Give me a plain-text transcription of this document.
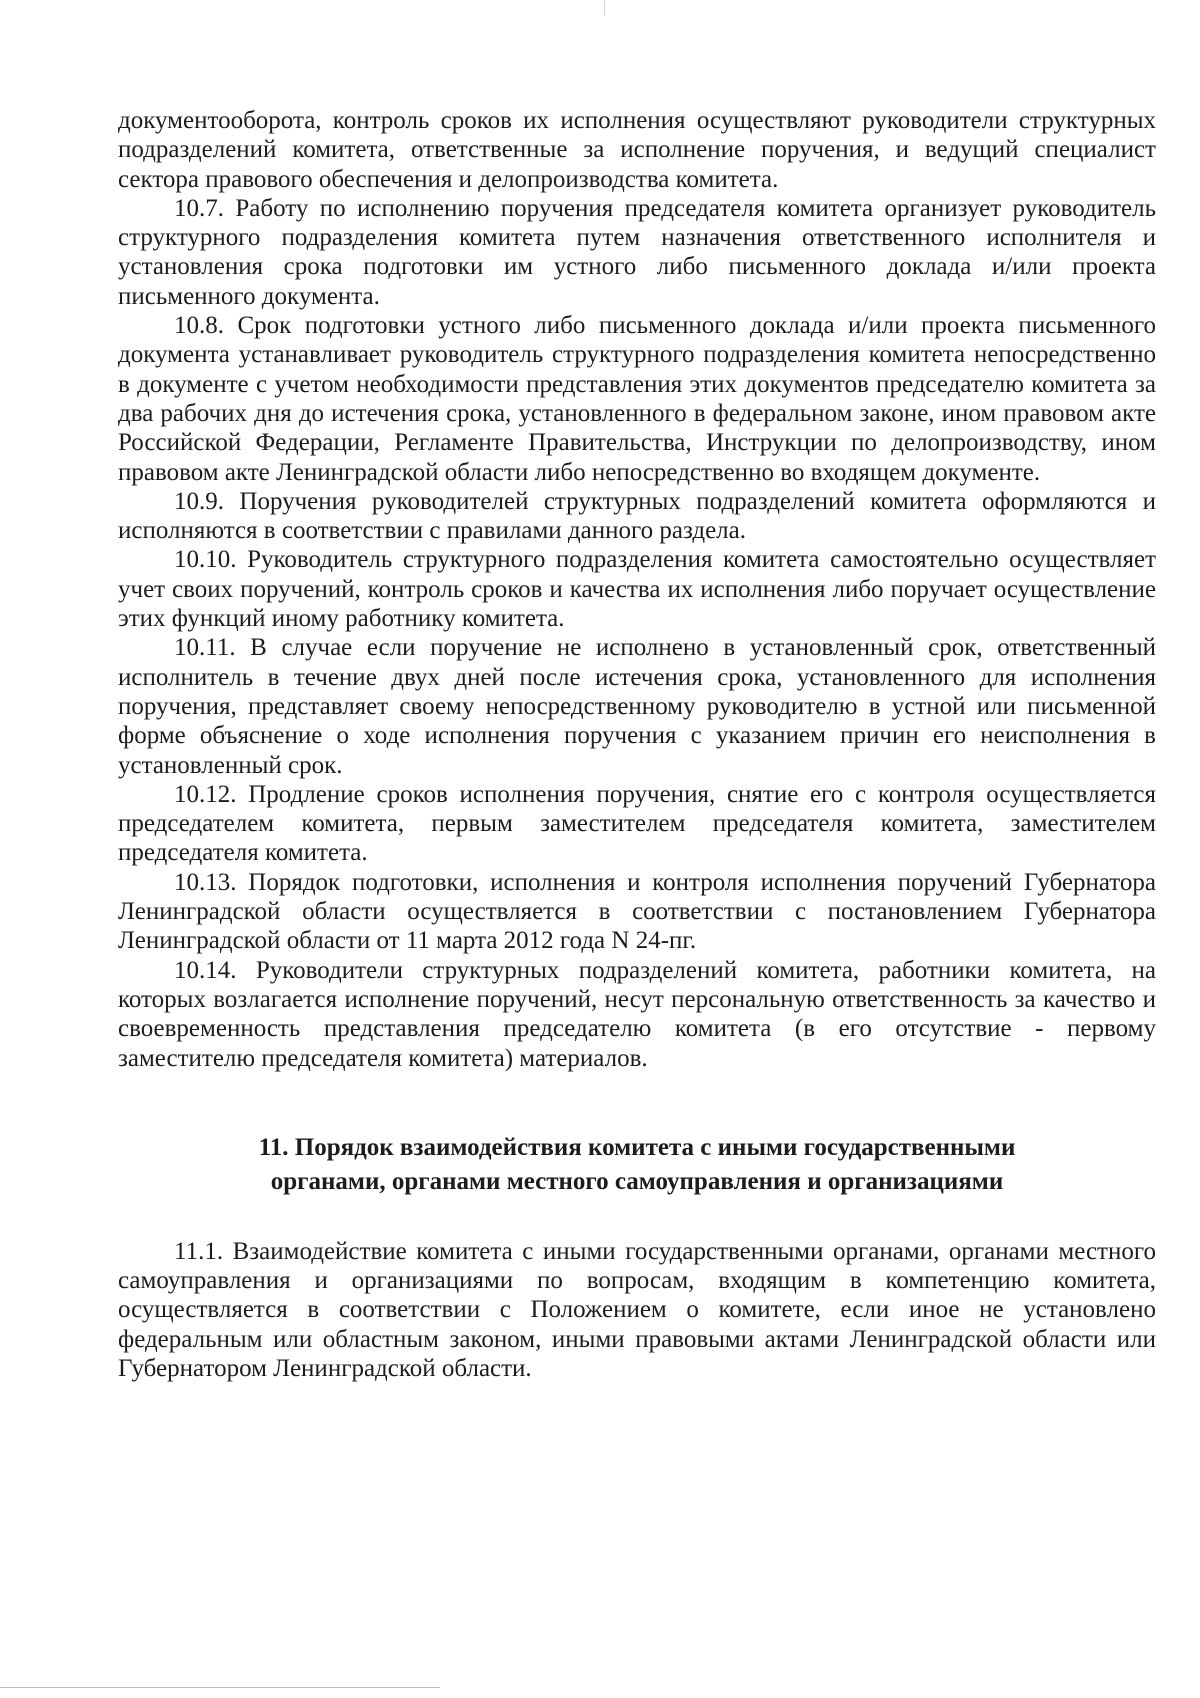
документооборота, контроль сроков их исполнения осуществляют руководители структурных подразделений комитета, ответственные за исполнение поручения, и ведущий специалист сектора правового обеспечения и делопроизводства комитета.

10.7. Работу по исполнению поручения председателя комитета организует руководитель структурного подразделения комитета путем назначения ответственного исполнителя и установления срока подготовки им устного либо письменного доклада и/или проекта письменного документа.

10.8. Срок подготовки устного либо письменного доклада и/или проекта письменного документа устанавливает руководитель структурного подразделения комитета непосредственно в документе с учетом необходимости представления этих документов председателю комитета за два рабочих дня до истечения срока, установленного в федеральном законе, ином правовом акте Российской Федерации, Регламенте Правительства, Инструкции по делопроизводству, ином правовом акте Ленинградской области либо непосредственно во входящем документе.

10.9. Поручения руководителей структурных подразделений комитета оформляются и исполняются в соответствии с правилами данного раздела.

10.10. Руководитель структурного подразделения комитета самостоятельно осуществляет учет своих поручений, контроль сроков и качества их исполнения либо поручает осуществление этих функций иному работнику комитета.

10.11. В случае если поручение не исполнено в установленный срок, ответственный исполнитель в течение двух дней после истечения срока, установленного для исполнения поручения, представляет своему непосредственному руководителю в устной или письменной форме объяснение о ходе исполнения поручения с указанием причин его неисполнения в установленный срок.

10.12. Продление сроков исполнения поручения, снятие его с контроля осуществляется председателем комитета, первым заместителем председателя комитета, заместителем председателя комитета.

10.13. Порядок подготовки, исполнения и контроля исполнения поручений Губернатора Ленинградской области осуществляется в соответствии с постановлением Губернатора Ленинградской области от 11 марта 2012 года N 24-пг.

10.14. Руководители структурных подразделений комитета, работники комитета, на которых возлагается исполнение поручений, несут персональную ответственность за качество и своевременность представления председателю комитета (в его отсутствие - первому заместителю председателя комитета) материалов.

11. Порядок взаимодействия комитета с иными государственными
органами, органами местного самоуправления и организациями

11.1. Взаимодействие комитета с иными государственными органами, органами местного самоуправления и организациями по вопросам, входящим в компетенцию комитета, осуществляется в соответствии с Положением о комитете, если иное не установлено федеральным или областным законом, иными правовыми актами Ленинградской области или Губернатором Ленинградской области.
